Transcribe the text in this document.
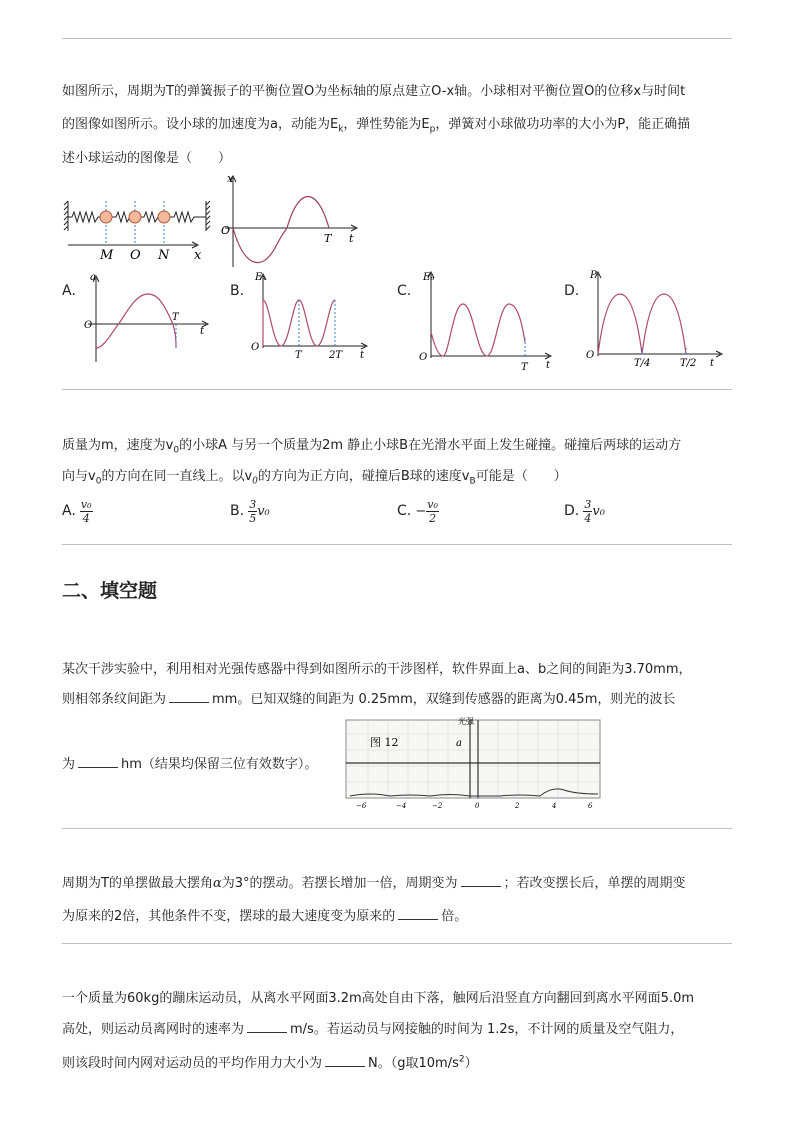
如图所示，周期为T的弹簧振子的平衡位置O为坐标轴的原点建立O-x轴。小球相对平衡位置O的位移x与时间t
的图像如图所示。设小球的加速度为a，动能为$E_k$，弹性势能为$E_p$，弹簧对小球做功功率的大小为P，能正确描
述小球运动的图像是（　　）
M O N x
x
O
T t
A.
a
O
T
t
B.
Eₖ
O
T	2T t
C.
Eₚ
O
T t
D.
P
O
T/4	T/2 t
质量为m，速度为$v_0$的小球A 与另一个质量为2m 静止小球B在光滑水平面上发生碰撞。碰撞后两球的运动方
向与$v_0$的方向在同一直线上。以$v_0$的方向为正方向，碰撞后B球的速度$v_B$可能是（　　）
A. $\frac{\text{v₀}}{4}$	B. $\frac{3}{5} v_0$	C. − $\frac{\text{v₀}}{2}$	D. $\frac{3}{4} v_0$
二、填空题
某次干涉实验中，利用相对光强传感器中得到如图所示的干涉图样，软件界面上a、b之间的间距为3.70mm，
则相邻条纹间距为	mm。已知双缝的间距为 0.25mm，双缝到传感器的距离为0.45m，则光的波长
为	hm（结果均保留三位有效数字）。
图 12	a
光强
−6	−4	−2	0	2	4	6
周期为T的单摆做最大摆角α为3°的摆动。若摆长增加一倍，周期变为	；若改变摆长后，单摆的周期变
为原来的2倍，其他条件不变，摆球的最大速度变为原来的	倍。
一个质量为60kg的蹦床运动员，从离水平网面3.2m高处自由下落，触网后沿竖直方向翻回到离水平网面5.0m
高处，则运动员离网时的速率为	m/s。若运动员与网接触的时间为 1.2s，不计网的质量及空气阻力，
则该段时间内网对运动员的平均作用力大小为	N。（g取$10m/s^2$）
